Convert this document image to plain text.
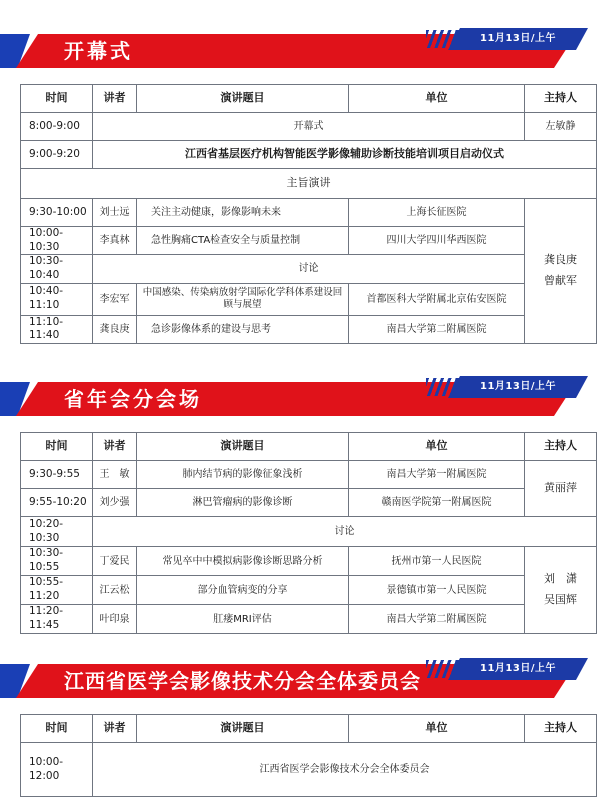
11月13日/上午
开幕式
时间	讲者	演讲题目	单位	主持人
8:00-9:00	开幕式			左敏静
9:00-9:20	江西省基层医疗机构智能医学影像辅助诊断技能培训项目启动仪式			
主旨演讲				
9:30-10:00	刘士远	关注主动健康，影像影响未来	上海长征医院	龚良庚
曾献军

10:00-10:30	李真林	急性胸痛CTA检查安全与质量控制	四川大学四川华西医院	
10:30-10:40	讨论			
10:40-11:10	李宏军	中国感染、传染病放射学国际化学科体系建设回顾与展望	首都医科大学附属北京佑安医院	
11:10-11:40	龚良庚	急诊影像体系的建设与思考	南昌大学第二附属医院	
11月13日/上午
省年会分会场
时间	讲者	演讲题目	单位	主持人
9:30-9:55	王　敏	肺内结节病的影像征象浅析	南昌大学第一附属医院	黄丽萍
9:55-10:20	刘少强	淋巴管瘤病的影像诊断	赣南医学院第一附属医院	
10:20-10:30	讨论			
10:30-10:55	丁爱民	常见卒中中模拟病影像诊断思路分析	抚州市第一人民医院	刘　潇
吴国辉

10:55-11:20	江云松	部分血管病变的分享	景德镇市第一人民医院	
11:20-11:45	叶印泉	肛瘘MRI评估	南昌大学第二附属医院	
11月13日/上午
江西省医学会影像技术分会全体委员会
时间	讲者	演讲题目	单位	主持人
10:00-12:00	江西省医学会影像技术分会全体委员会			
